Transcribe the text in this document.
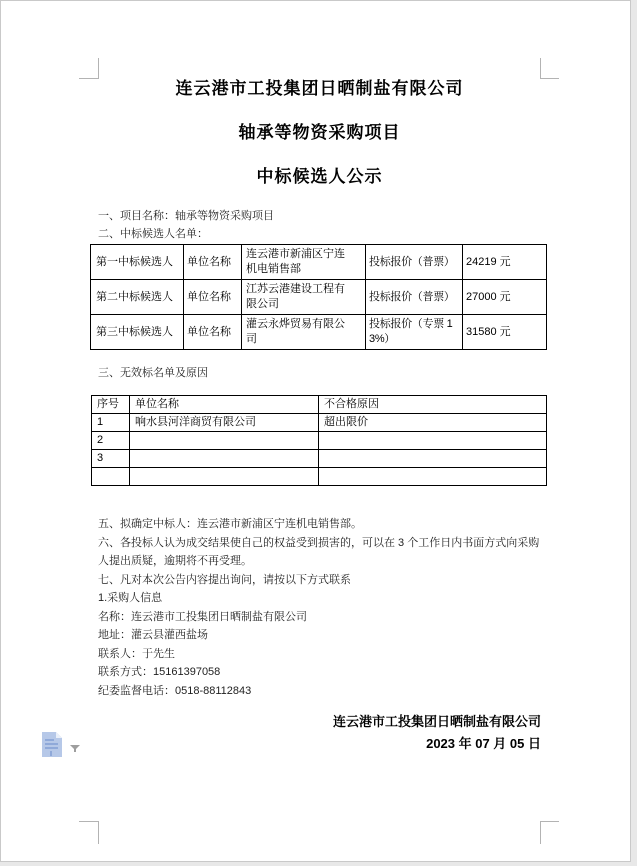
连云港市工投集团日晒制盐有限公司
轴承等物资采购项目
中标候选人公示
一、项目名称：轴承等物资采购项目
二、中标候选人名单：
第一中标候选人	单位名称	连云港市新浦区宁连机电销售部	投标报价（普票）	24219 元
第二中标候选人	单位名称	江苏云港建设工程有限公司	投标报价（普票）	27000 元
第三中标候选人	单位名称	灌云永烨贸易有限公司	投标报价（专票 13%）	31580 元
三、无效标名单及原因
序号	单位名称	不合格原因
1	响水县河洋商贸有限公司	超出限价
2		
3		

五、拟确定中标人：连云港市新浦区宁连机电销售部。
六、各投标人认为成交结果使自己的权益受到损害的，可以在 3 个工作日内书面方式向采购
人提出质疑，逾期将不再受理。
七、凡对本次公告内容提出询问，请按以下方式联系
1.采购人信息
名称：连云港市工投集团日晒制盐有限公司
地址：灌云县灌西盐场
联系人：于先生
联系方式：15161397058
纪委监督电话：0518-88112843
连云港市工投集团日晒制盐有限公司
2023 年 07 月 05 日
